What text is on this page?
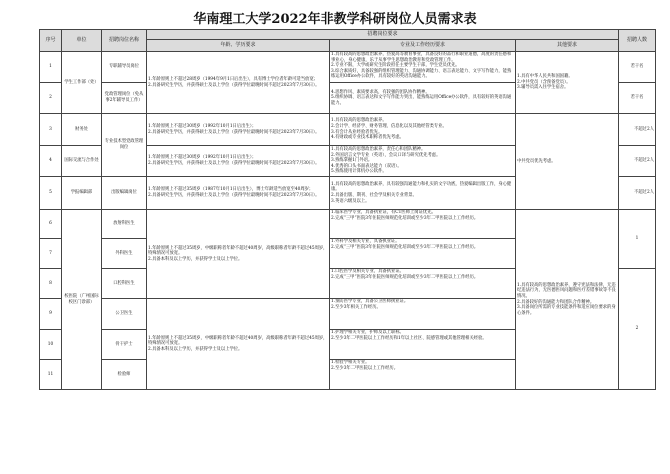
华南理工大学2022年非教学科研岗位人员需求表
序号	单位	招聘岗位名称	招聘岗位要求			招聘人数
			年龄、学历要求	专业及工作经历要求	其他要求	
1	学生工作部（处）	专职辅导员岗位	1.年龄原则上不超过28周岁（1994年9月1日后出生），具有博士学位者年龄可适当放宽；
2.具备研究生学历，并获得硕士及以上学位（获得学位最晚时间不超过2023年7月30日）。	1.具有较高的思想政治素养，热爱高等教育事业，具备良好的品行和职业道德，高度的责任感和事业心，身心健康，乐于从事学生思想政治教育和党政管理工作。
2.专业不限，大学或研究生阶段担任主要学生干部，学生党员优先。
3.综合素质好，具备较强的组织管理能力、沟通协调能力、语言表达能力、文字写作能力，能熟练运用Office办公软件，具有较好的英语沟通能力。	1.具有中华人民共和国国籍。
2.中共党员（含预备党员）。
3.辅导员需入住学生宿舍。	若干名
2		党政管理岗位（免从事2年辅导员工作）		4.思想作风、素质要求高，有较强的团队协作精神。
5.组织协调、语言表达和文字写作能力突出，能熟练运用Office办公软件，具有较好的英语沟通能力。		若干名
3	财务处	专业技术型党政管理岗位	1.年龄原则上不超过30周岁（1992年10月1日后出生）；
2.具备研究生学历，并获得硕士及以上学位（获得学位最晚时间不超过2023年7月30日）。	1.具有较高的思想政治素养。
2.会计学、经济学、财务管理、信息化以及其他经管类专业。
3.有会计从业经验者优先。
4.有财政或专业技术职称者优先考虑。	中共党员优先考虑。	不超过2人
4	国际交流与合作处		1.年龄原则上不超过30周岁（1992年10月1日后出生）；
2.具备研究生学历，并获得硕士及以上学位（获得学位最晚时间不超过2023年7月30日）。	1.具有较高的思想政治素养，责任心和团队精神。
2.外国语言文学专业（英语），会议口译与研究优先考虑。
3.熟练掌握1门外语。
4.优秀的口头书面表达能力（双语）。
5.熟练使用计算机办公软件。		不超过2人
5	学报编辑部	出版编辑岗位	1.年龄原则上不超过35周岁（1987年10月1日后出生），博士年龄适当放宽至40周岁；
2.具备研究生学历，并获得硕士及以上学位（获得学位最晚时间不超过2023年7月30日）。	1.具有较高的思想政治素养，具有较强沟通能力和扎实的文字功底，热爱编辑出版工作，身心健康。
2.具备出版、期刊、社会学及相关专业背景。
3.英语六级及以上。		不超过2人
6	校医院（广州国际校区门诊部）	放射科医生	1.年龄原则上不超过35周岁，中级职称者年龄不超过40周岁，高级职称者年龄不超过45周岁，特殊情况可放宽。
2.具备本科及以上学历，并获得学士及以上学位。	1.临床医学专业，具备执业证，有CT医师上岗证优先。
2.完成“三甲”医院3年住院医师规范化培训或至少3年二甲医院以上工作经历。	1.具有较高的思想政治素养，遵守宪法和法律，无违纪违法行为，无医德医风问题和医疗差错事故等不良情况。
2.具备较好的沟通能力和团队合作精神。
3.具备岗位所需的专业技能条件和适应岗位要求的身心条件。	1
7		外科医生		1.外科学及相关专业，具备执业证。
2.完成“三甲”医院3年住院医师规范化培训或至少3年二甲医院以上工作经历。		
8		口腔科医生		1.口腔医学及相关专业，具备执业证。
2.完成“三甲”医院3年住院医师规范化培训或至少3年二甲医院以上工作经历。		2
9		公卫医生	1.年龄原则上不超过35周岁，中级职称者年龄不超过40周岁，高级职称者年龄不超过45周岁，特殊情况可放宽。
2.具备本科及以上学历，并获得学士及以上学位。	1.预防医学专业，具备公卫医师执业证。
2.至少3年相关工作经历。		
10		骨干护士		1.护理学相关专业，护师及以上职称。
2.至少3年二甲医院以上工作经历和1年以上社区、院感管理或其他管理相关经验。		
11		检验师		1.检验学相关专业。
2.至少3年二甲医院以上工作经历。		
